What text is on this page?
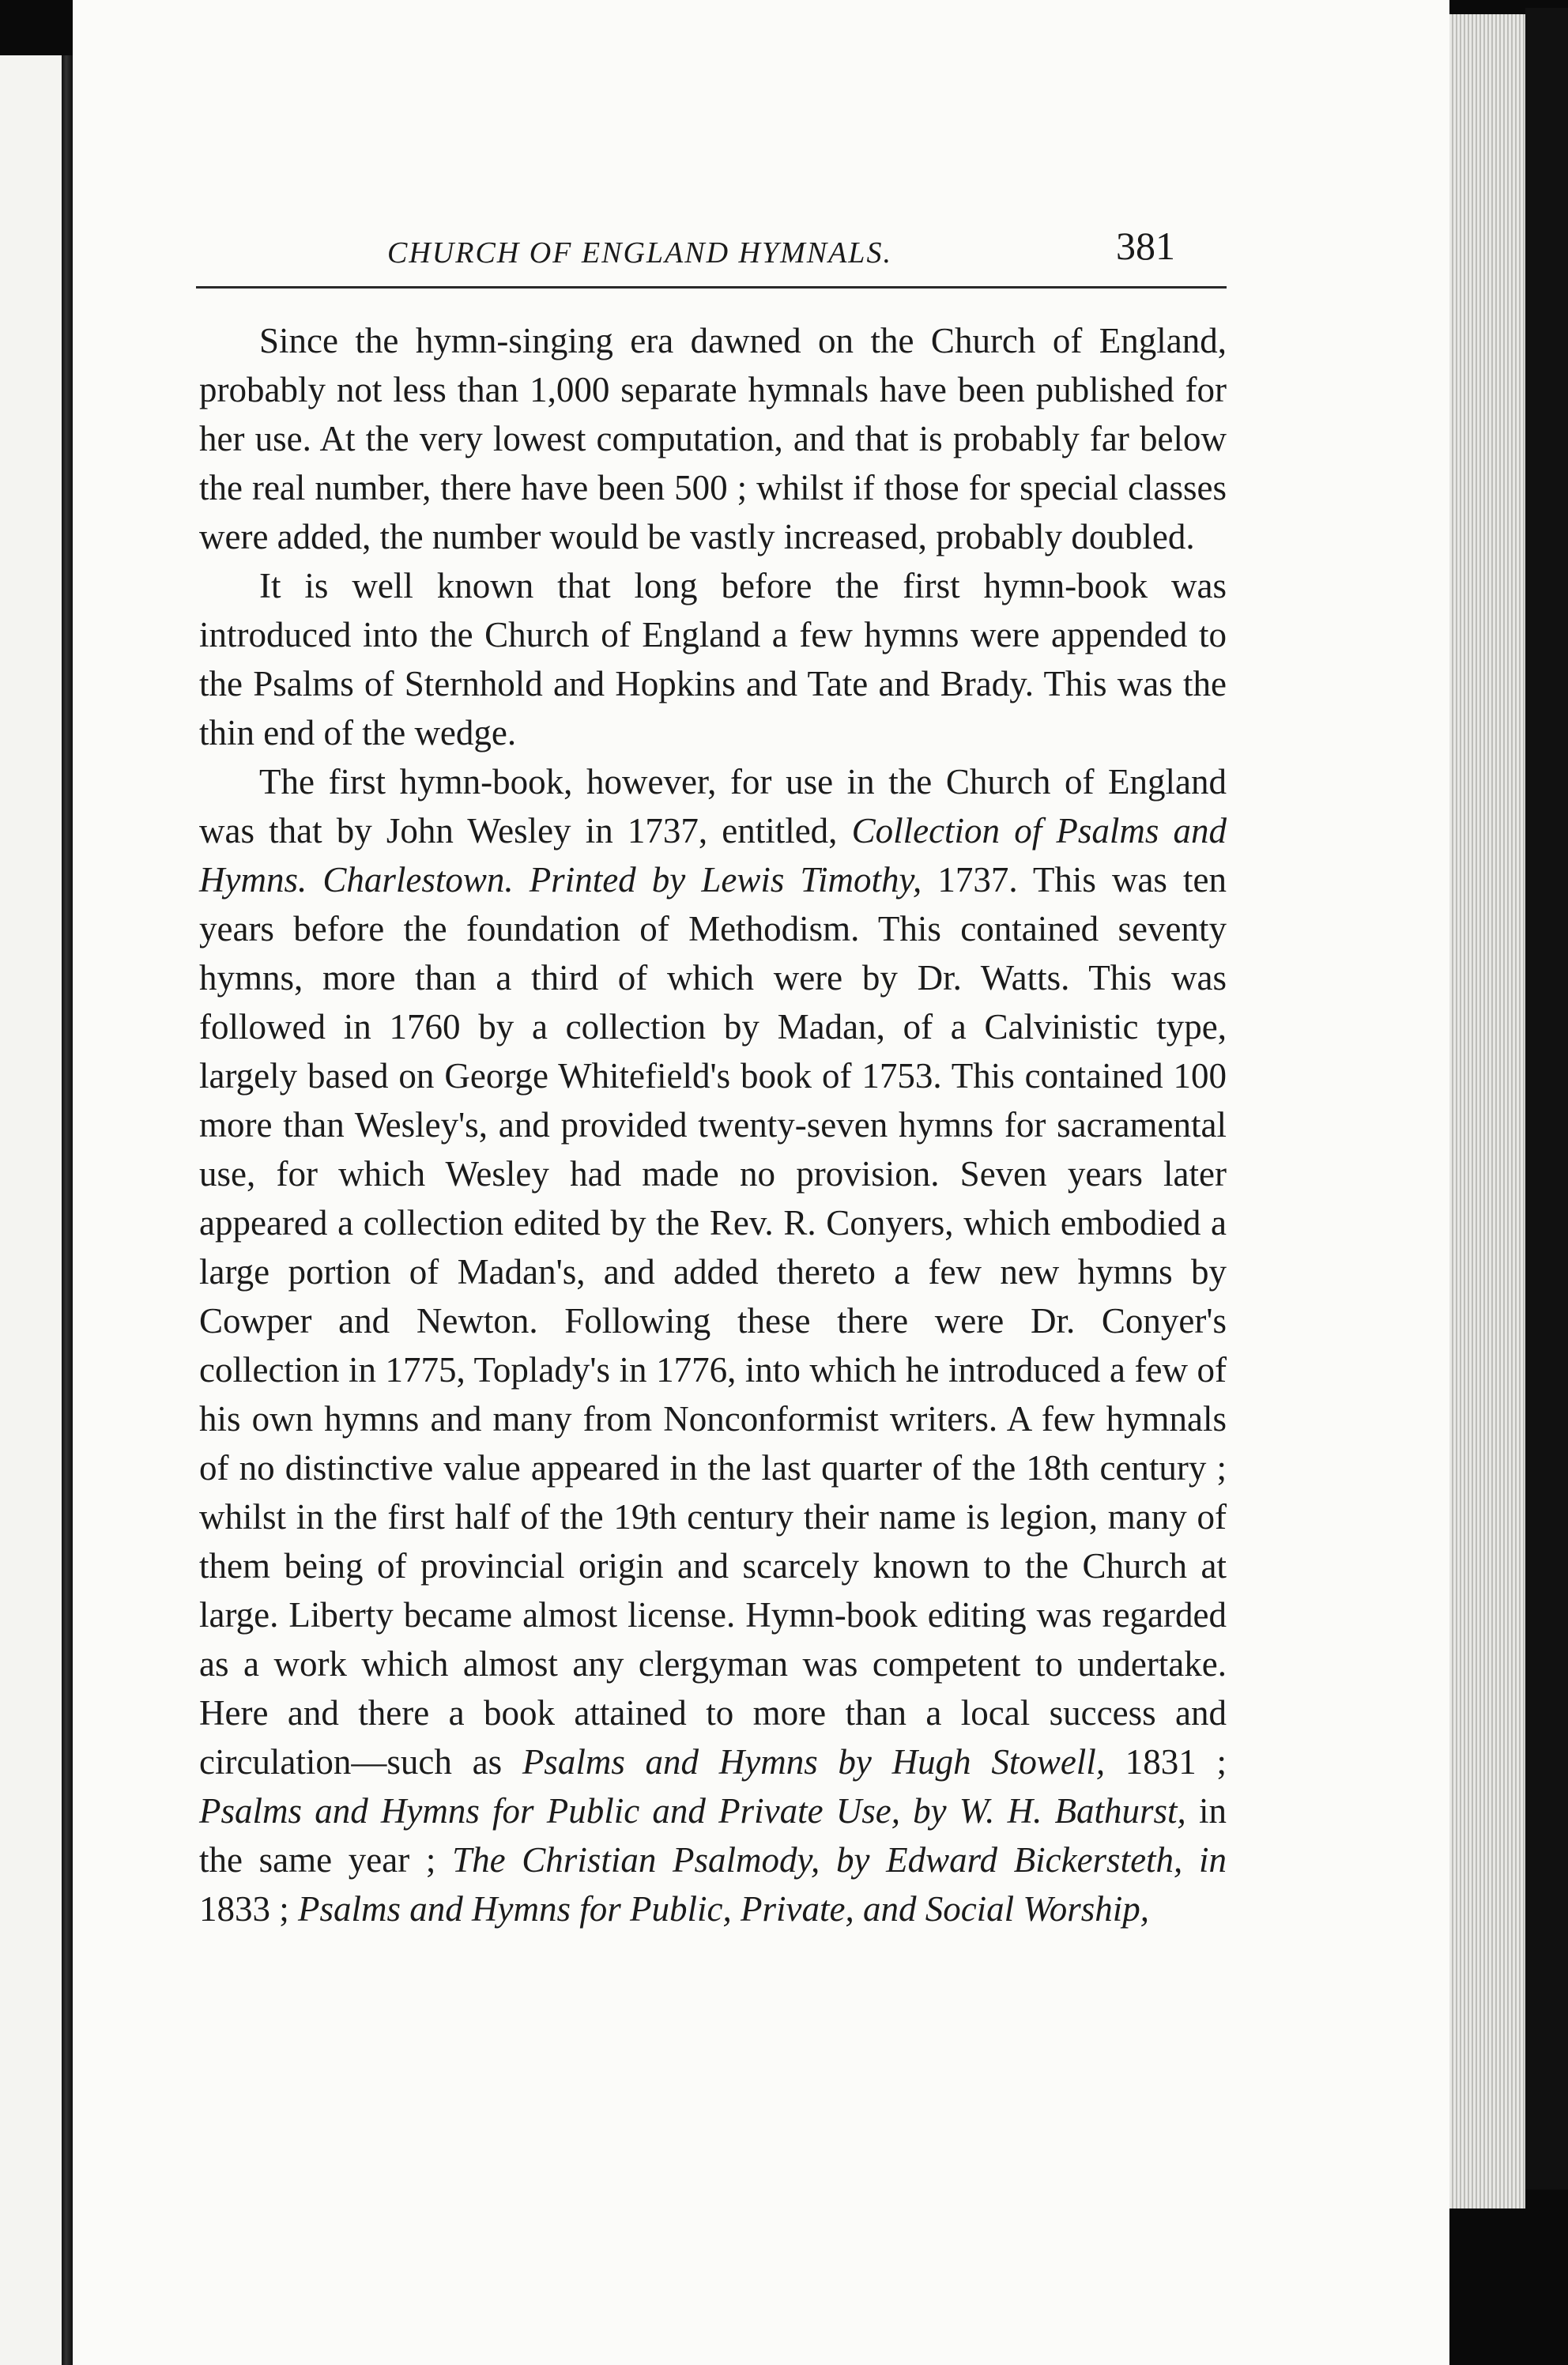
CHURCH OF ENGLAND HYMNALS.	381

Since the hymn-singing era dawned on the Church of England, probably not less than 1,000 separate hymnals have been published for her use. At the very lowest computation, and that is probably far below the real number, there have been 500 ; whilst if those for special classes were added, the number would be vastly increased, probably doubled.

It is well known that long before the first hymn-book was introduced into the Church of England a few hymns were appended to the Psalms of Sternhold and Hopkins and Tate and Brady. This was the thin end of the wedge.

The first hymn-book, however, for use in the Church of England was that by John Wesley in 1737, entitled, Collection of Psalms and Hymns. Charlestown. Printed by Lewis Timothy, 1737. This was ten years before the foundation of Methodism. This contained seventy hymns, more than a third of which were by Dr. Watts. This was followed in 1760 by a collection by Madan, of a Calvinistic type, largely based on George Whitefield's book of 1753. This contained 100 more than Wesley's, and provided twenty-seven hymns for sacramental use, for which Wesley had made no provision. Seven years later appeared a collection edited by the Rev. R. Conyers, which embodied a large portion of Madan's, and added thereto a few new hymns by Cowper and Newton. Following these there were Dr. Conyer's collection in 1775, Toplady's in 1776, into which he introduced a few of his own hymns and many from Nonconformist writers. A few hymnals of no distinctive value appeared in the last quarter of the 18th century ; whilst in the first half of the 19th century their name is legion, many of them being of provincial origin and scarcely known to the Church at large. Liberty became almost license. Hymn-book editing was regarded as a work which almost any clergyman was competent to undertake. Here and there a book attained to more than a local success and circulation—such as Psalms and Hymns by Hugh Stowell, 1831 ; Psalms and Hymns for Public and Private Use, by W. H. Bathurst, in the same year ; The Christian Psalmody, by Edward Bickersteth, in 1833 ; Psalms and Hymns for Public, Private, and Social Worship,
